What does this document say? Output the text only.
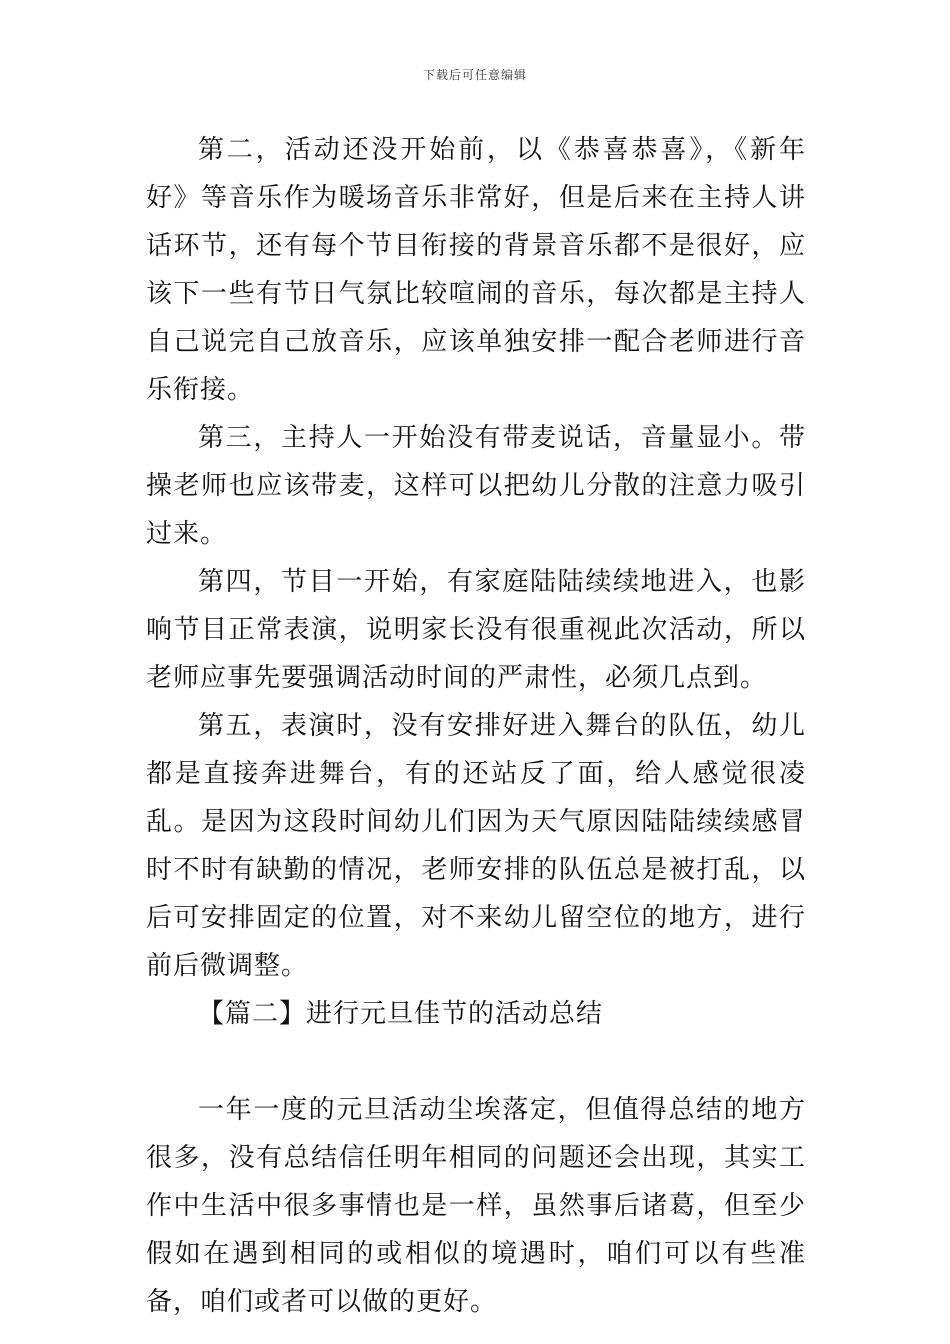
下载后可任意编辑

第二，活动还没开始前，以《恭喜恭喜》，《新年好》等音乐作为暖场音乐非常好，但是后来在主持人讲话环节，还有每个节目衔接的背景音乐都不是很好，应该下一些有节日气氛比较喧闹的音乐，每次都是主持人自己说完自己放音乐，应该单独安排一配合老师进行音乐衔接。

第三，主持人一开始没有带麦说话，音量显小。带操老师也应该带麦，这样可以把幼儿分散的注意力吸引过来。

第四，节目一开始，有家庭陆陆续续地进入，也影响节目正常表演，说明家长没有很重视此次活动，所以老师应事先要强调活动时间的严肃性，必须几点到。

第五，表演时，没有安排好进入舞台的队伍，幼儿都是直接奔进舞台，有的还站反了面，给人感觉很凌乱。是因为这段时间幼儿们因为天气原因陆陆续续感冒时不时有缺勤的情况，老师安排的队伍总是被打乱，以后可安排固定的位置，对不来幼儿留空位的地方，进行前后微调整。

【篇二】进行元旦佳节的活动总结

一年一度的元旦活动尘埃落定，但值得总结的地方很多，没有总结信任明年相同的问题还会出现，其实工作中生活中很多事情也是一样，虽然事后诸葛，但至少假如在遇到相同的或相似的境遇时，咱们可以有些准备，咱们或者可以做的更好。
